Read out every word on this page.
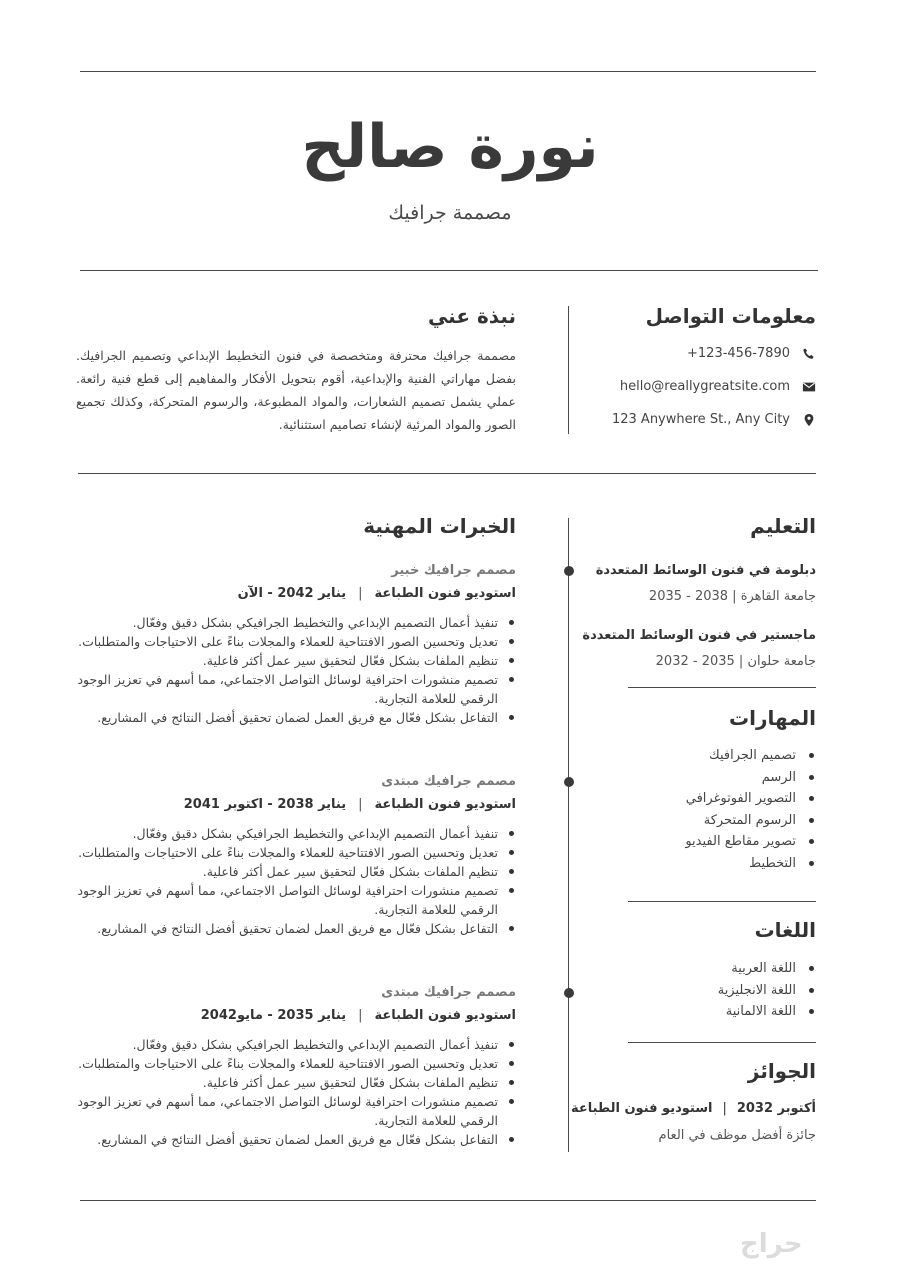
نورة صالح
مصممة جرافيك
معلومات التواصل
+123-456-7890
hello@reallygreatsite.com
123 Anywhere St., Any City
نبذة عني

مصممة جرافيك محترفة ومتخصصة في فنون التخطيط الإبداعي وتصميم الجرافيك. بفضل مهاراتي الفنية والإبداعية، أقوم بتحويل الأفكار والمفاهيم إلى قطع فنية رائعة. عملي يشمل تصميم الشعارات، والمواد المطبوعة، والرسوم المتحركة، وكذلك تجميع الصور والمواد المرئية لإنشاء تصاميم استثنائية.

التعليم
دبلومة في فنون الوسائط المتعددة
جامعة القاهرة | 2035 - 2038
ماجستير في فنون الوسائط المتعددة
جامعة حلوان | 2032 - 2035
المهارات
تصميم الجرافيك
الرسم
التصوير الفوتوغرافي
الرسوم المتحركة
تصوير مقاطع الفيديو
التخطيط
اللغات
اللغة العربية
اللغة الانجليزية
اللغة الالمانية
الجوائز
أكتوبر 2032|استوديو فنون الطباعة
جائزة أفضل موظف في العام
الخبرات المهنية
مصمم جرافيك خبير
استوديو فنون الطباعة|يناير 2042 - الآن
تنفيذ أعمال التصميم الإبداعي والتخطيط الجرافيكي بشكل دقيق وفعّال.
تعديل وتحسين الصور الافتتاحية للعملاء والمجلات بناءً على الاحتياجات والمتطلبات.
تنظيم الملفات بشكل فعّال لتحقيق سير عمل أكثر فاعلية.
تصميم منشورات احترافية لوسائل التواصل الاجتماعي، مما أسهم في تعزيز الوجود الرقمي للعلامة التجارية.
التفاعل بشكل فعّال مع فريق العمل لضمان تحقيق أفضل النتائج في المشاريع.
مصمم جرافيك مبتدى
استوديو فنون الطباعة|يناير 2038 - اكتوبر 2041
تنفيذ أعمال التصميم الإبداعي والتخطيط الجرافيكي بشكل دقيق وفعّال.
تعديل وتحسين الصور الافتتاحية للعملاء والمجلات بناءً على الاحتياجات والمتطلبات.
تنظيم الملفات بشكل فعّال لتحقيق سير عمل أكثر فاعلية.
تصميم منشورات احترافية لوسائل التواصل الاجتماعي، مما أسهم في تعزيز الوجود الرقمي للعلامة التجارية.
التفاعل بشكل فعّال مع فريق العمل لضمان تحقيق أفضل النتائج في المشاريع.
مصمم جرافيك مبتدى
استوديو فنون الطباعة|يناير 2035 - مايو2042
تنفيذ أعمال التصميم الإبداعي والتخطيط الجرافيكي بشكل دقيق وفعّال.
تعديل وتحسين الصور الافتتاحية للعملاء والمجلات بناءً على الاحتياجات والمتطلبات.
تنظيم الملفات بشكل فعّال لتحقيق سير عمل أكثر فاعلية.
تصميم منشورات احترافية لوسائل التواصل الاجتماعي، مما أسهم في تعزيز الوجود الرقمي للعلامة التجارية.
التفاعل بشكل فعّال مع فريق العمل لضمان تحقيق أفضل النتائج في المشاريع.
حراج
